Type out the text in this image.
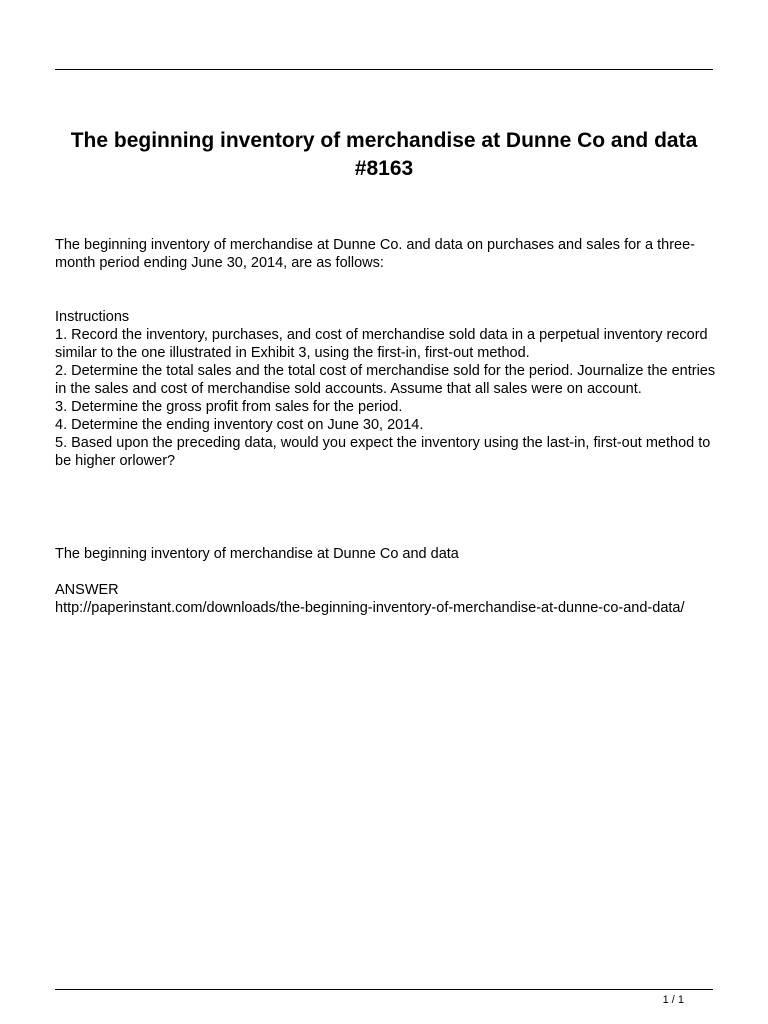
The beginning inventory of merchandise at Dunne Co and data #8163

The beginning inventory of merchandise at Dunne Co. and data on purchases and sales for a three-month period ending June 30, 2014, are as follows:

Instructions
1. Record the inventory, purchases, and cost of merchandise sold data in a perpetual inventory record similar to the one illustrated in Exhibit 3, using the first-in, first-out method.
2. Determine the total sales and the total cost of merchandise sold for the period. Journalize the entries in the sales and cost of merchandise sold accounts. Assume that all sales were on account.
3. Determine the gross profit from sales for the period.
4. Determine the ending inventory cost on June 30, 2014.
5. Based upon the preceding data, would you expect the inventory using the last-in, first-out method to be higher orlower?

The beginning inventory of merchandise at Dunne Co and data

ANSWER
http://paperinstant.com/downloads/the-beginning-inventory-of-merchandise-at-dunne-co-and-data/
1 / 1
